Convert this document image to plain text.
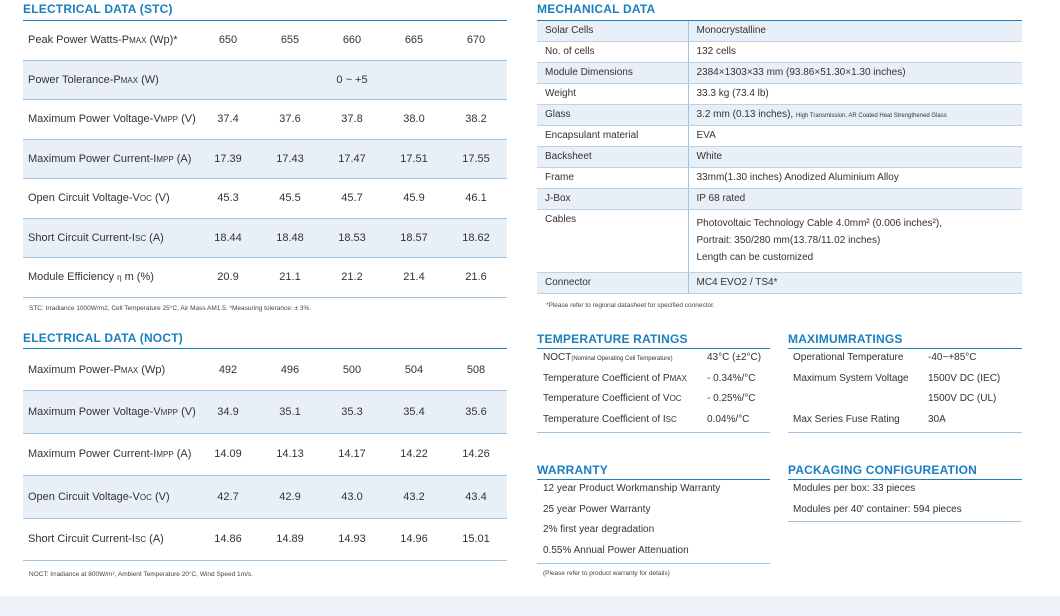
ELECTRICAL DATA (STC)
Peak Power Watts-PMAX (Wp)*	650	655	660	665	670
Power Tolerance-PMAX (W)	0 ~ +5				
Maximum Power Voltage-VMPP (V)	37.4	37.6	37.8	38.0	38.2
Maximum Power Current-IMPP (A)	17.39	17.43	17.47	17.51	17.55
Open Circuit Voltage-VOC (V)	45.3	45.5	45.7	45.9	46.1
Short Circuit Current-ISC (A)	18.44	18.48	18.53	18.57	18.62
Module Efficiency η m (%)	20.9	21.1	21.2	21.4	21.6
STC: Irradiance 1000W/m2, Cell Temperature 25°C, Air Mass AM1.5. *Measuring tolerance: ± 3%.
ELECTRICAL DATA (NOCT)
Maximum Power-PMAX (Wp)	492	496	500	504	508
Maximum Power Voltage-VMPP (V)	34.9	35.1	35.3	35.4	35.6
Maximum Power Current-IMPP (A)	14.09	14.13	14.17	14.22	14.26
Open Circuit Voltage-VOC (V)	42.7	42.9	43.0	43.2	43.4
Short Circuit Current-ISC (A)	14.86	14.89	14.93	14.96	15.01
NOCT: Irradiance at 800W/m², Ambient Temperature 20°C, Wind Speed 1m/s.
MECHANICAL DATA
Solar Cells	Monocrystalline
No. of cells	132 cells
Module Dimensions	2384×1303×33 mm (93.86×51.30×1.30 inches)
Weight	33.3 kg (73.4 lb)
Glass	3.2 mm (0.13 inches), High Transmission, AR Coated Heat Strengthened Glass
Encapsulant material	EVA
Backsheet	White
Frame	33mm(1.30 inches) Anodized Aluminium Alloy
J-Box	IP 68 rated
Cables	Photovoltaic Technology Cable 4.0mm² (0.006 inches²),
Portrait: 350/280 mm(13.78/11.02 inches)
Length can be customized

Connector	MC4 EVO2 / TS4*
*Please refer to regional datasheet for specified connector.
TEMPERATURE RATINGS
NOCT(Nominal Operating Cell Temperature)	43°C (±2°C)
Temperature Coefficient of PMAX - 0.34%/°C
Temperature Coefficient of VOC	- 0.25%/°C
Temperature Coefficient of ISC	0.04%/°C
MAXIMUMRATINGS
Operational Temperature -40~+85°C
Maximum System Voltage 1500V DC (IEC)
1500V DC (UL)
Max Series Fuse Rating	30A
WARRANTY
12 year Product Workmanship Warranty
25 year Power Warranty
2% first year degradation
0.55% Annual Power Attenuation
(Please refer to product warranty for details)
PACKAGING CONFIGUREATION
Modules per box: 33 pieces
Modules per 40' container: 594 pieces
